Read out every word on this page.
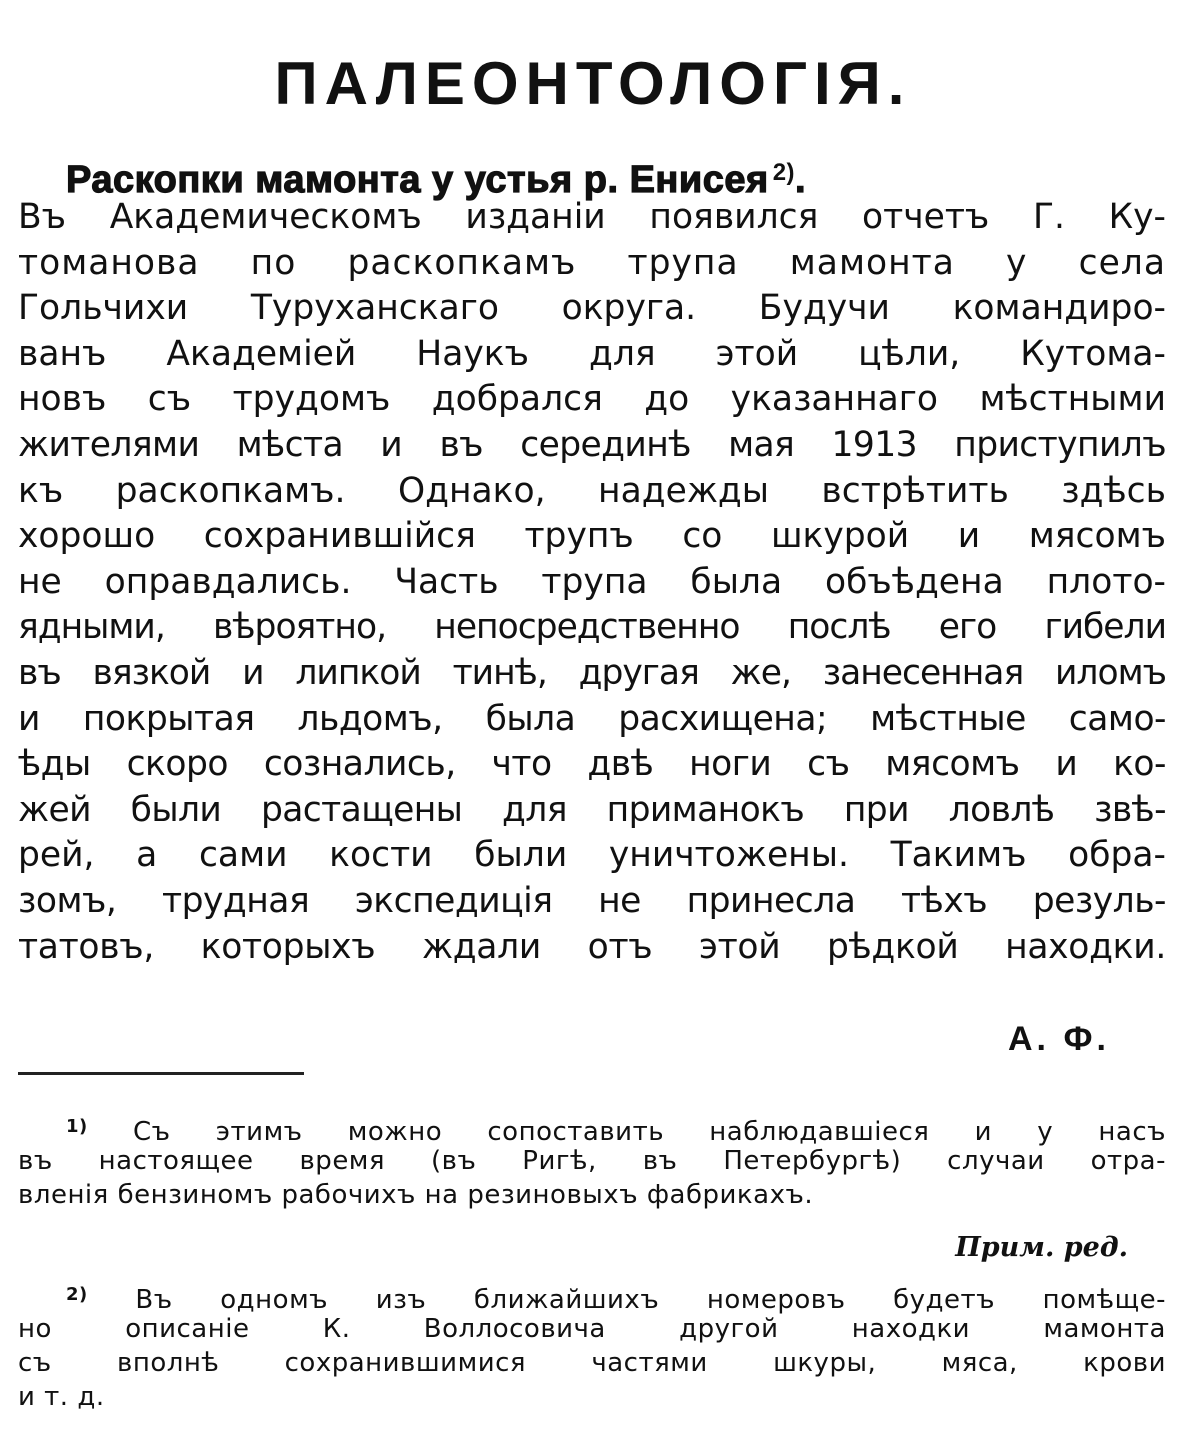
ПАЛЕОНТОЛОГIЯ.
Раскопки мамонта у устья р. Енисея $^{2)}$.
Въ Академическомъ изданiи появился отчетъ Г. Ку-
томанова по раскопкамъ трупа мамонта у села
Гольчихи Туруханскаго округа. Будучи командиро-
ванъ Академiей Наукъ для этой цѣли, Кутома-
новъ съ трудомъ добрался до указаннаго мѣстными
жителями мѣста и въ серединѣ мая 1913 приступилъ
къ раскопкамъ. Однако, надежды встрѣтить здѣсь
хорошо сохранившiйся трупъ со шкурой и мясомъ
не оправдались. Часть трупа была объѣдена плото-
ядными, вѣроятно, непосредственно послѣ его гибели
въ вязкой и липкой тинѣ, другая же, занесенная иломъ
и покрытая льдомъ, была расхищена; мѣстные само-
ѣды скоро сознались, что двѣ ноги съ мясомъ и ко-
жей были растащены для приманокъ при ловлѣ звѣ-
рей, а сами кости были уничтожены. Такимъ обра-
зомъ, трудная экспедицiя не принесла тѣхъ резуль-
татовъ, которыхъ ждали отъ этой рѣдкой находки.
А. Ф.
$^{1)}$ Съ этимъ можно сопоставить наблюдавшiеся и у насъ
въ настоящее время (въ Ригѣ, въ Петербургѣ) случаи отра-
вленiя бензиномъ рабочихъ на резиновыхъ фабрикахъ.
Прим. ред.
$^{2)}$ Въ одномъ изъ ближайшихъ номеровъ будетъ помѣще-
но описанiе К. Воллосовича другой находки мамонта
съ вполнѣ сохранившимися частями шкуры, мяса, крови
и т. д.
